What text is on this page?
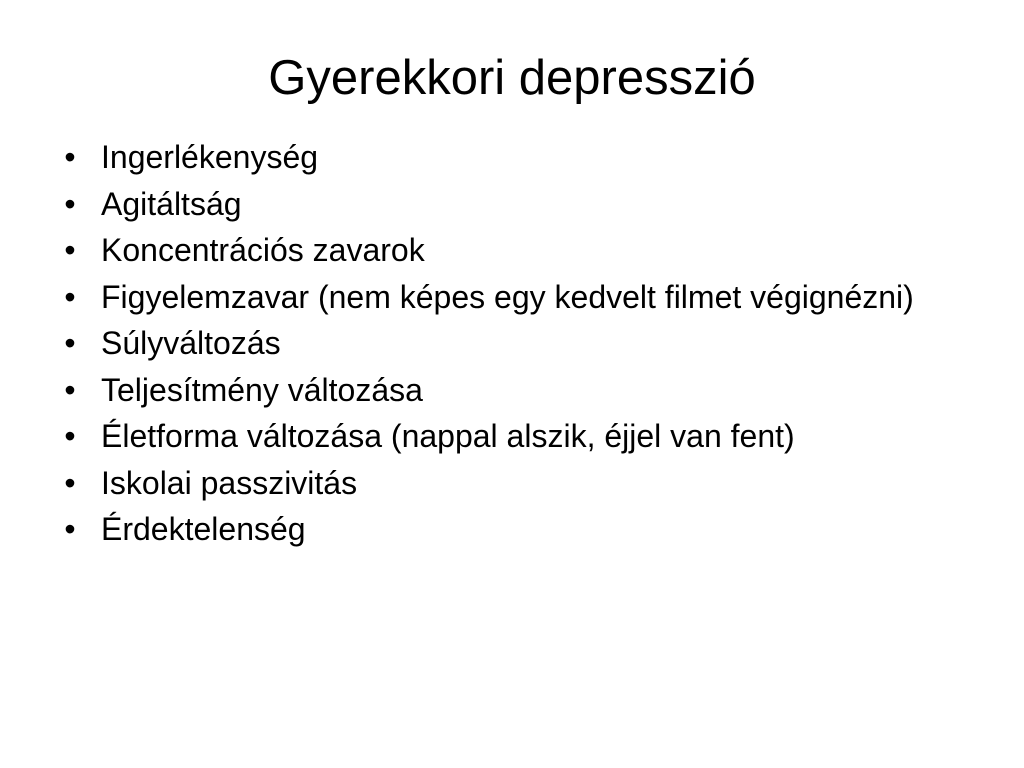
Gyerekkori depresszió
• Ingerlékenység
• Agitáltság
• Koncentrációs zavarok
• Figyelemzavar (nem képes egy kedvelt filmet végignézni)
• Súlyváltozás
• Teljesítmény változása
• Életforma változása (nappal alszik, éjjel van fent)
• Iskolai passzivitás
• Érdektelenség
